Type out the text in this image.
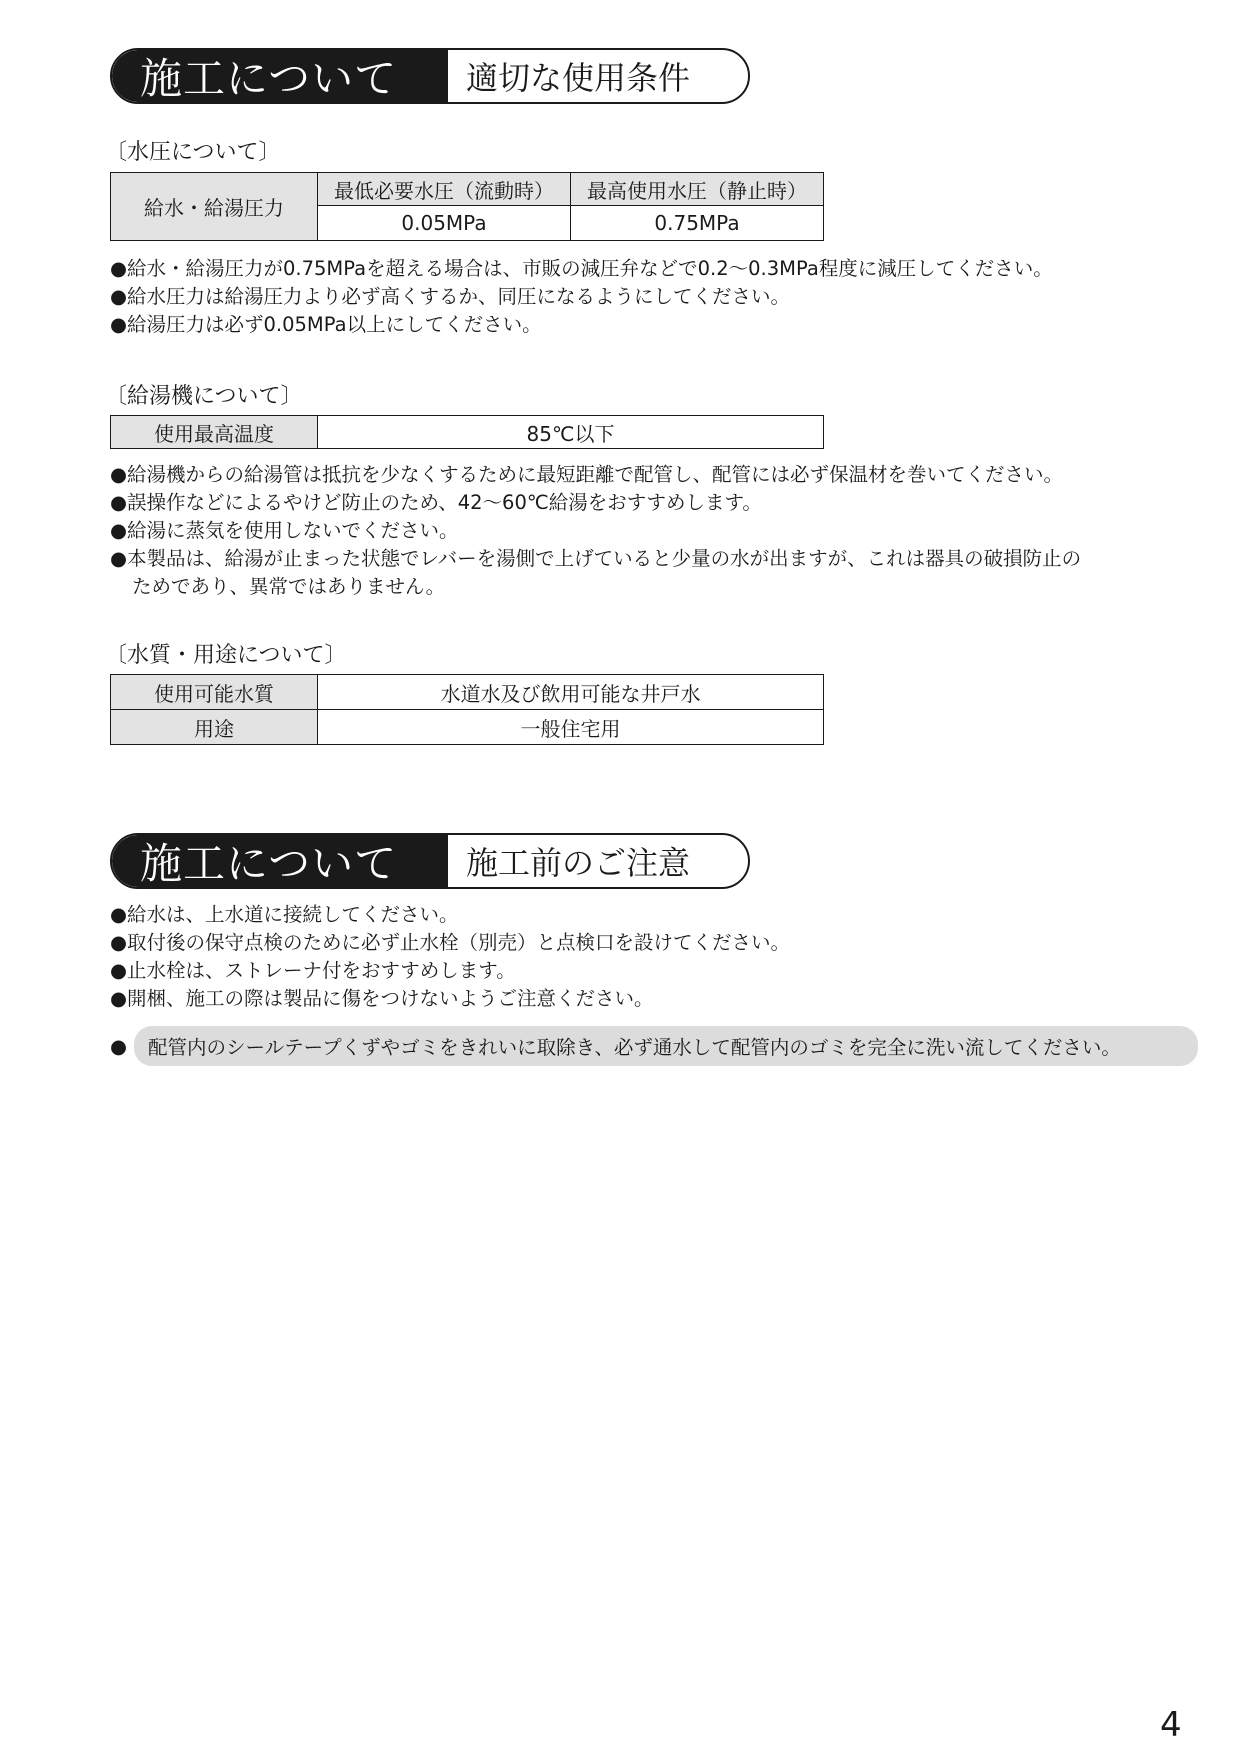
施工について	適切な使用条件
〔水圧について〕
給水・給湯圧力	最低必要水圧（流動時）	最高使用水圧（静止時）
	0.05MPa	0.75MPa
●給水・給湯圧力が0.75MPaを超える場合は、市販の減圧弁などで0.2～0.3MPa程度に減圧してください。
●給水圧力は給湯圧力より必ず高くするか、同圧になるようにしてください。
●給湯圧力は必ず0.05MPa以上にしてください。
〔給湯機について〕
使用最高温度	85℃以下
●給湯機からの給湯管は抵抗を少なくするために最短距離で配管し、配管には必ず保温材を巻いてください。
●誤操作などによるやけど防止のため、42～60℃給湯をおすすめします。
●給湯に蒸気を使用しないでください。
●本製品は、給湯が止まった状態でレバーを湯側で上げていると少量の水が出ますが、これは器具の破損防止の
ためであり、異常ではありません。
〔水質・用途について〕
使用可能水質	水道水及び飲用可能な井戸水
用途	一般住宅用
施工について	施工前のご注意
●給水は、上水道に接続してください。
●取付後の保守点検のために必ず止水栓（別売）と点検口を設けてください。
●止水栓は、ストレーナ付をおすすめします。
●開梱、施工の際は製品に傷をつけないようご注意ください。
●	配管内のシールテープくずやゴミをきれいに取除き、必ず通水して配管内のゴミを完全に洗い流してください。
4
